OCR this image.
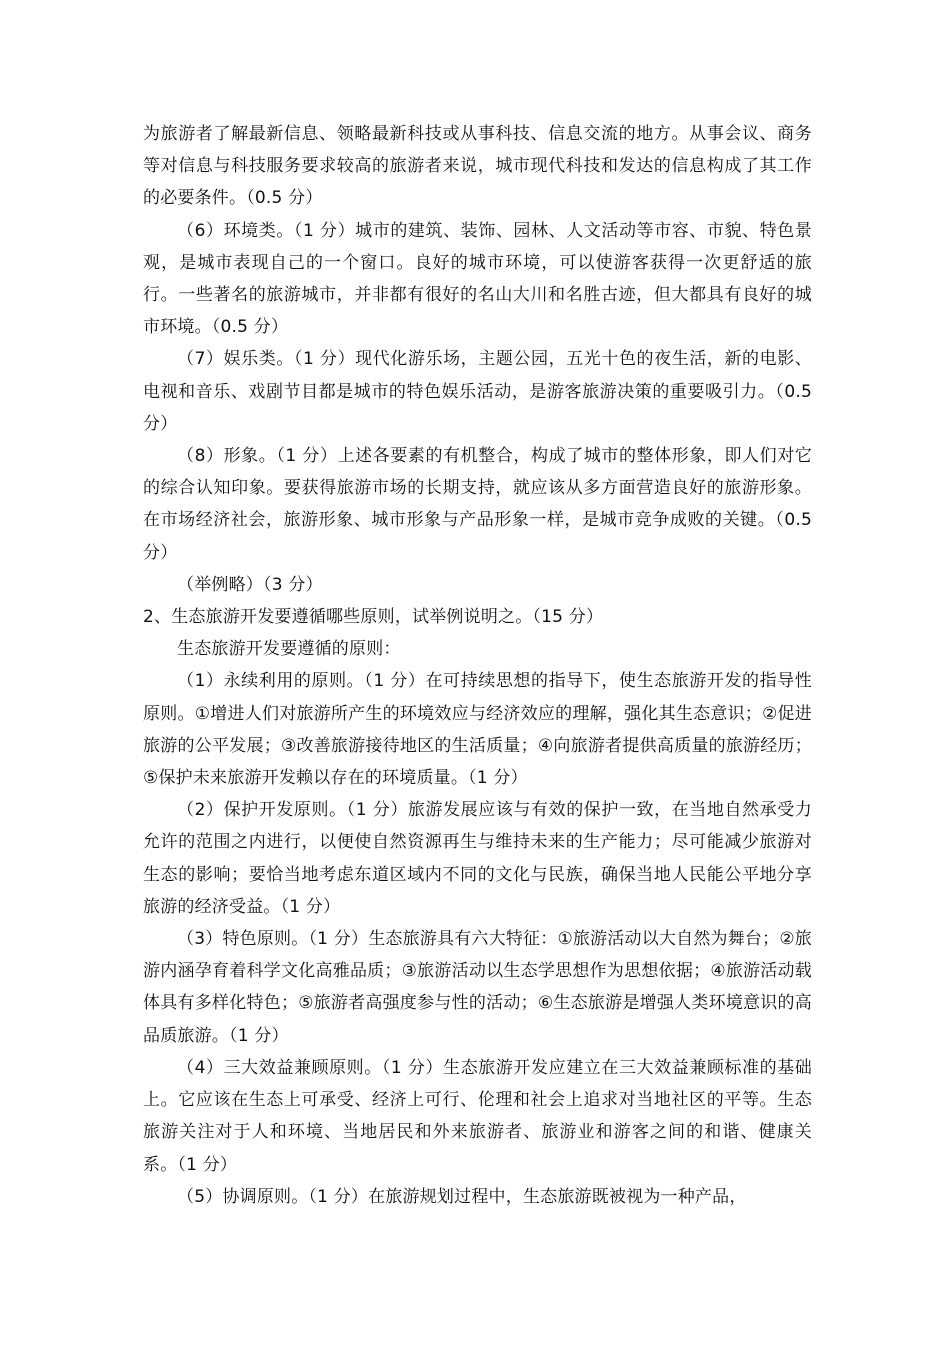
为旅游者了解最新信息、领略最新科技或从事科技、信息交流的地方。从事会议、商务等对信息与科技服务要求较高的旅游者来说，城市现代科技和发达的信息构成了其工作的必要条件。（0.5 分）

（6）环境类。（1 分）城市的建筑、装饰、园林、人文活动等市容、市貌、特色景观，是城市表现自己的一个窗口。良好的城市环境，可以使游客获得一次更舒适的旅行。一些著名的旅游城市，并非都有很好的名山大川和名胜古迹，但大都具有良好的城市环境。（0.5 分）

（7）娱乐类。（1 分）现代化游乐场，主题公园，五光十色的夜生活，新的电影、电视和音乐、戏剧节目都是城市的特色娱乐活动，是游客旅游决策的重要吸引力。（0.5 分）

（8）形象。（1 分）上述各要素的有机整合，构成了城市的整体形象，即人们对它的综合认知印象。要获得旅游市场的长期支持，就应该从多方面营造良好的旅游形象。在市场经济社会，旅游形象、城市形象与产品形象一样，是城市竞争成败的关键。（0.5 分）

（举例略）（3 分）

2、生态旅游开发要遵循哪些原则，试举例说明之。（15 分）

生态旅游开发要遵循的原则：

（1）永续利用的原则。（1 分）在可持续思想的指导下，使生态旅游开发的指导性原则。①增进人们对旅游所产生的环境效应与经济效应的理解，强化其生态意识；②促进旅游的公平发展；③改善旅游接待地区的生活质量；④向旅游者提供高质量的旅游经历；⑤保护未来旅游开发赖以存在的环境质量。（1 分）

（2）保护开发原则。（1 分）旅游发展应该与有效的保护一致，在当地自然承受力允许的范围之内进行，以便使自然资源再生与维持未来的生产能力；尽可能减少旅游对生态的影响；要恰当地考虑东道区域内不同的文化与民族，确保当地人民能公平地分享旅游的经济受益。（1 分）

（3）特色原则。（1 分）生态旅游具有六大特征：①旅游活动以大自然为舞台；②旅游内涵孕育着科学文化高雅品质；③旅游活动以生态学思想作为思想依据；④旅游活动载体具有多样化特色；⑤旅游者高强度参与性的活动；⑥生态旅游是增强人类环境意识的高品质旅游。（1 分）

（4）三大效益兼顾原则。（1 分）生态旅游开发应建立在三大效益兼顾标准的基础上。它应该在生态上可承受、经济上可行、伦理和社会上追求对当地社区的平等。生态旅游关注对于人和环境、当地居民和外来旅游者、旅游业和游客之间的和谐、健康关系。（1 分）

（5）协调原则。（1 分）在旅游规划过程中，生态旅游既被视为一种产品，
